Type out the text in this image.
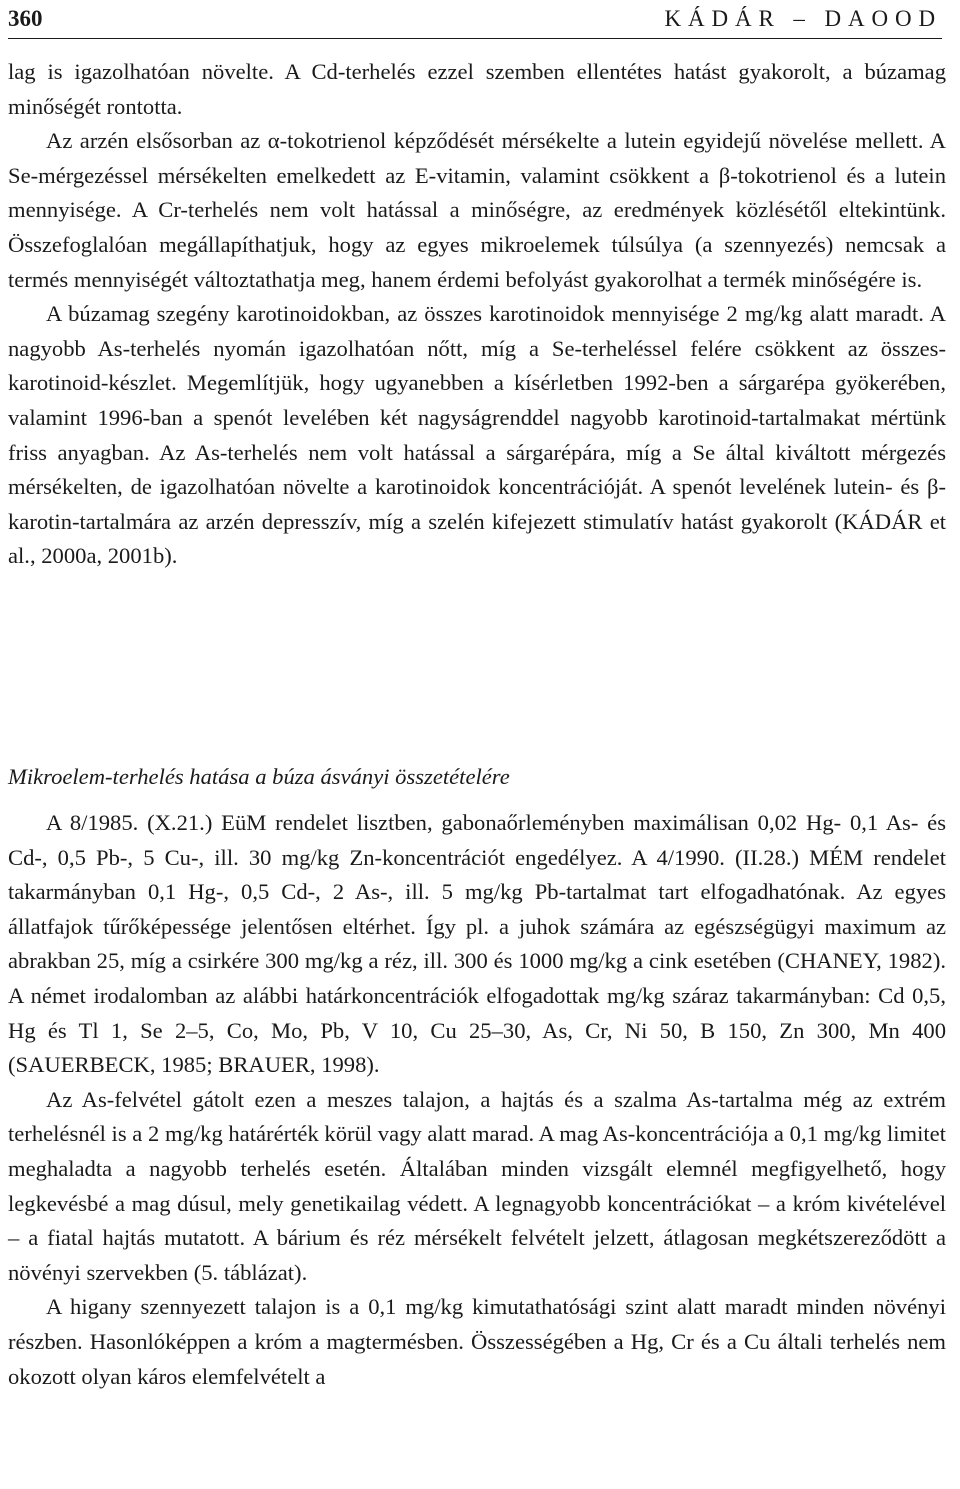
360	KÁDÁR – DAOOD

lag is igazolhatóan növelte. A Cd-terhelés ezzel szemben ellentétes hatást gyakorolt, a búzamag minőségét rontotta.

Az arzén elsősorban az α-tokotrienol képződését mérsékelte a lutein egyidejű növelése mellett. A Se-mérgezéssel mérsékelten emelkedett az E-vitamin, valamint csökkent a β-tokotrienol és a lutein mennyisége. A Cr-terhelés nem volt hatással a minőségre, az eredmények közlésétől eltekintünk. Összefoglalóan megállapíthatjuk, hogy az egyes mikroelemek túlsúlya (a szennyezés) nemcsak a termés mennyiségét változtathatja meg, hanem érdemi befolyást gyakorolhat a termék minőségére is.

A búzamag szegény karotinoidokban, az összes karotinoidok mennyisége 2 mg/kg alatt maradt. A nagyobb As-terhelés nyomán igazolhatóan nőtt, míg a Se-terheléssel felére csökkent az összes-karotinoid-készlet. Megemlítjük, hogy ugyanebben a kísérletben 1992-ben a sárgarépa gyökerében, valamint 1996-ban a spenót levelében két nagyságrenddel nagyobb karotinoid-tartalmakat mértünk friss anyagban. Az As-terhelés nem volt hatással a sárgarépára, míg a Se által kiváltott mérgezés mérsékelten, de igazolhatóan növelte a karotinoidok koncentrációját. A spenót levelének lutein- és β-karotin-tartalmára az arzén depresszív, míg a szelén kifejezett stimulatív hatást gyakorolt (KÁDÁR et al., 2000a, 2001b).

Mikroelem-terhelés hatása a búza ásványi összetételére

A 8/1985. (X.21.) EüM rendelet lisztben, gabonaőrleményben maximálisan 0,02 Hg- 0,1 As- és Cd-, 0,5 Pb-, 5 Cu-, ill. 30 mg/kg Zn-koncentrációt engedélyez. A 4/1990. (II.28.) MÉM rendelet takarmányban 0,1 Hg-, 0,5 Cd-, 2 As-, ill. 5 mg/kg Pb-tartalmat tart elfogadhatónak. Az egyes állatfajok tűrőképessége jelentősen eltérhet. Így pl. a juhok számára az egészségügyi maximum az abrakban 25, míg a csirkére 300 mg/kg a réz, ill. 300 és 1000 mg/kg a cink esetében (CHANEY, 1982). A német irodalomban az alábbi határkoncentrációk elfogadottak mg/kg száraz takarmányban: Cd 0,5, Hg és Tl 1, Se 2–5, Co, Mo, Pb, V 10, Cu 25–30, As, Cr, Ni 50, B 150, Zn 300, Mn 400 (SAUERBECK, 1985; BRAUER, 1998).

Az As-felvétel gátolt ezen a meszes talajon, a hajtás és a szalma As-tartalma még az extrém terhelésnél is a 2 mg/kg határérték körül vagy alatt marad. A mag As-koncentrációja a 0,1 mg/kg limitet meghaladta a nagyobb terhelés esetén. Általában minden vizsgált elemnél megfigyelhető, hogy legkevésbé a mag dúsul, mely genetikailag védett. A legnagyobb koncentrációkat – a króm kivételével – a fiatal hajtás mutatott. A bárium és réz mérsékelt felvételt jelzett, átlagosan megkétszereződött a növényi szervekben (5. táblázat).

A higany szennyezett talajon is a 0,1 mg/kg kimutathatósági szint alatt maradt minden növényi részben. Hasonlóképpen a króm a magtermésben. Összességében a Hg, Cr és a Cu általi terhelés nem okozott olyan káros elemfelvételt a
